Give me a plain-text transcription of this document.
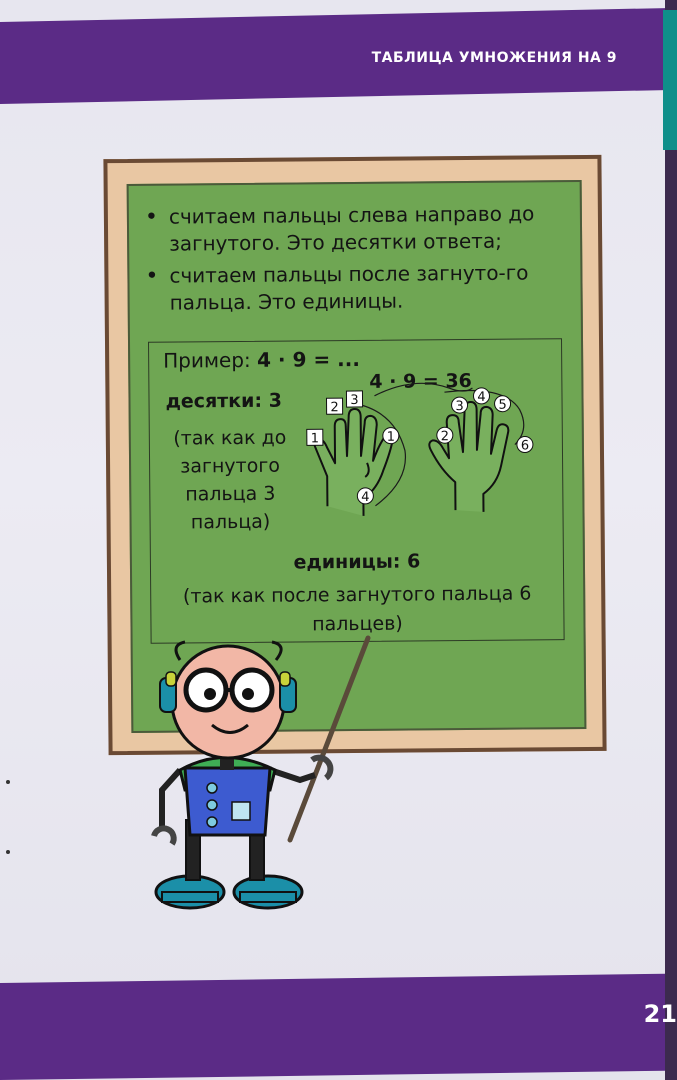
ТАБЛИЦА УМНОЖЕНИЯ НА 9
• считаем пальцы слева направо до загнутого. Это десятки ответа;
• считаем пальцы после загнуто-го пальца. Это единицы.
Пример: 4 · 9 = ...
4 · 9 = 36
десятки: 3
(так как до загнутого пальца 3 пальца)
1
2 3
1
4
2
3
4
5
6
единицы: 6
(так как после загнутого пальца 6 пальцев)
21
